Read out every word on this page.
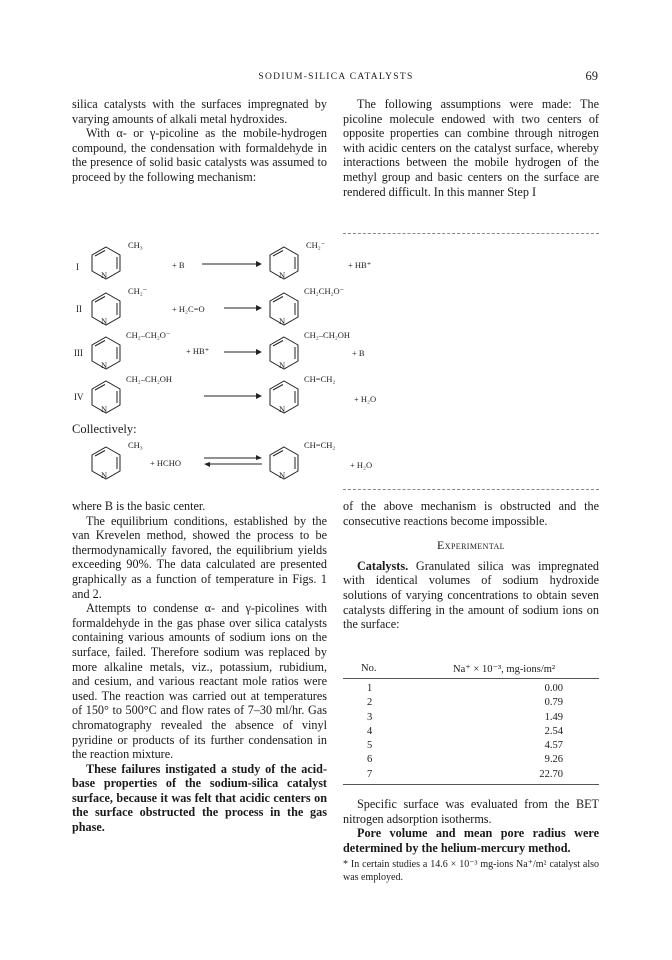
SODIUM-SILICA CATALYSTS	69

silica catalysts with the surfaces impregnated by varying amounts of alkali metal hydroxides.

With α- or γ-picoline as the mobile-hydrogen compound, the condensation with formaldehyde in the presence of solid basic catalysts was assumed to proceed by the following mechanism:

The following assumptions were made: The picoline molecule endowed with two centers of opposite properties can combine through nitrogen with acidic centers on the catalyst surface, whereby interactions between the mobile hydrogen of the methyl group and basic centers on the surface are rendered difficult. In this manner Step I

I
N
CH₃
+ B
N
CH₂⁻
+ HB⁺
II
N
CH₂⁻
+ H₂C=O
N
CH₂CH₂O⁻
III
N
CH₂–CH₂O⁻
+ HB⁺
N
CH₂–CH₂OH
+ B
IV
N
CH₂–CH₂OH
N
CH=CH₂
+ H₂O
Collectively:
N
CH₃
+ HCHO ⇌
N
CH=CH₂
+ H₂O

where B is the basic center.

The equilibrium conditions, established by the van Krevelen method, showed the process to be thermodynamically favored, the equilibrium yields exceeding 90%. The data calculated are presented graphically as a function of temperature in Figs. 1 and 2.

Attempts to condense α- and γ-picolines with formaldehyde in the gas phase over silica catalysts containing various amounts of sodium ions on the surface, failed. Therefore sodium was replaced by more alkaline metals, viz., potassium, rubidium, and cesium, and various reactant mole ratios were used. The reaction was carried out at temperatures of 150° to 500°C and flow rates of 7–30 ml/hr. Gas chromatography revealed the absence of vinyl pyridine or products of its further condensation in the reaction mixture.

These failures instigated a study of the acid-base properties of the sodium-silica catalyst surface, because it was felt that acidic centers on the surface obstructed the process in the gas phase.

of the above mechanism is obstructed and the consecutive reactions become impossible.

Experimental

Catalysts. Granulated silica was impregnated with identical volumes of sodium hydroxide solutions of varying concentrations to obtain seven catalysts differing in the amount of sodium ions on the surface:

No.	Na⁺ × 10⁻³, mg-ions/m²
1	0.00
2	0.79
3	1.49
4	2.54
5	4.57
6	9.26
7	22.70

Specific surface was evaluated from the BET nitrogen adsorption isotherms.

Pore volume and mean pore radius were determined by the helium-mercury method.

* In certain studies a 14.6 × 10⁻³ mg-ions Na⁺/m² catalyst also was employed.
